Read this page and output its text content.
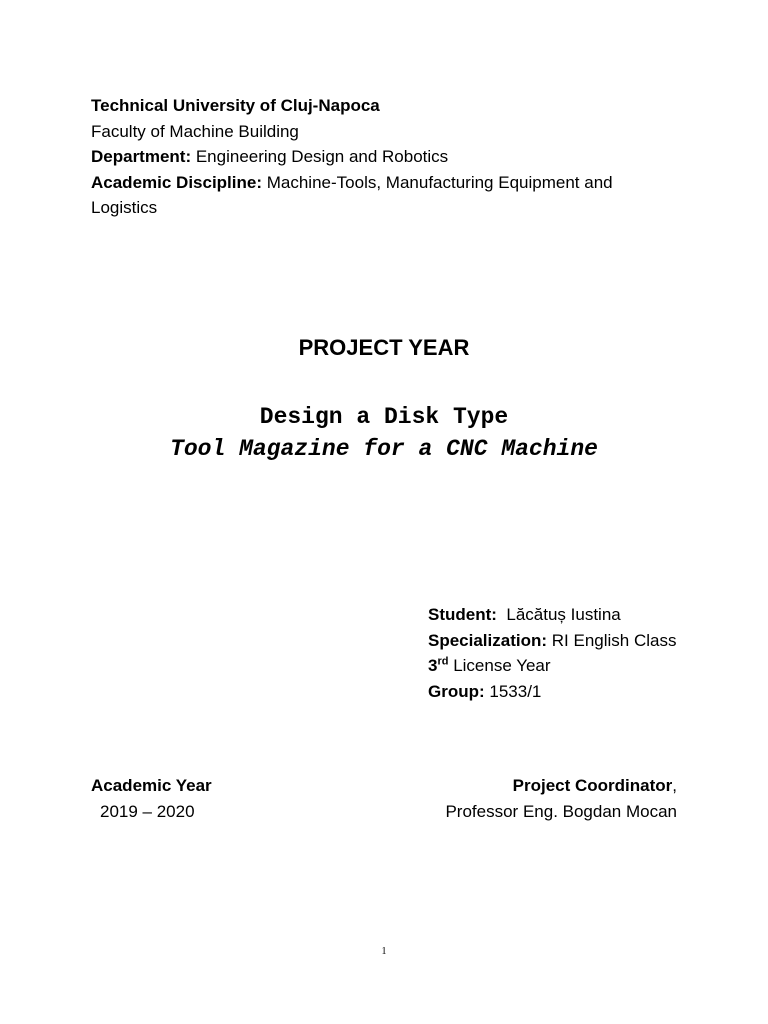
Technical University of Cluj-Napoca
Faculty of Machine Building
Department: Engineering Design and Robotics
Academic Discipline: Machine-Tools, Manufacturing Equipment and
Logistics
PROJECT YEAR
Design a Disk Type
Tool Magazine for a CNC Machine
Student:  Lăcătuș Iustina
Specialization: RI English Class
3rd License Year
Group: 1533/1
Academic Year
2019 – 2020
Project Coordinator,
Professor Eng. Bogdan Mocan
1
